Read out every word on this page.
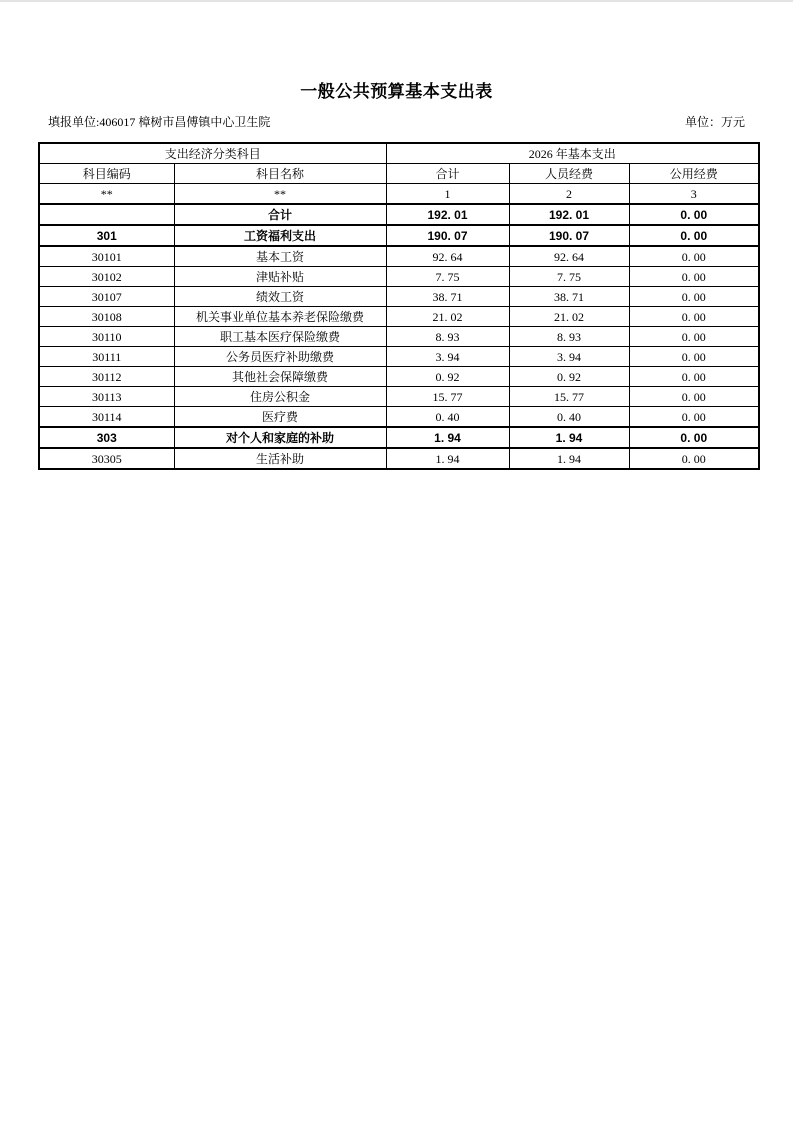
一般公共预算基本支出表
填报单位:406017 樟树市昌傅镇中心卫生院	单位：万元
支出经济分类科目		2026 年基本支出		
科目编码	科目名称	合计	人员经费	公用经费
**	**	1	2	3
	合计	192. 01	192. 01	0. 00
301	工资福利支出	190. 07	190. 07	0. 00
30101	基本工资	92. 64	92. 64	0. 00
30102	津贴补贴	7. 75	7. 75	0. 00
30107	绩效工资	38. 71	38. 71	0. 00
30108	机关事业单位基本养老保险缴费	21. 02	21. 02	0. 00
30110	职工基本医疗保险缴费	8. 93	8. 93	0. 00
30111	公务员医疗补助缴费	3. 94	3. 94	0. 00
30112	其他社会保障缴费	0. 92	0. 92	0. 00
30113	住房公积金	15. 77	15. 77	0. 00
30114	医疗费	0. 40	0. 40	0. 00
303	对个人和家庭的补助	1. 94	1. 94	0. 00
30305	生活补助	1. 94	1. 94	0. 00
